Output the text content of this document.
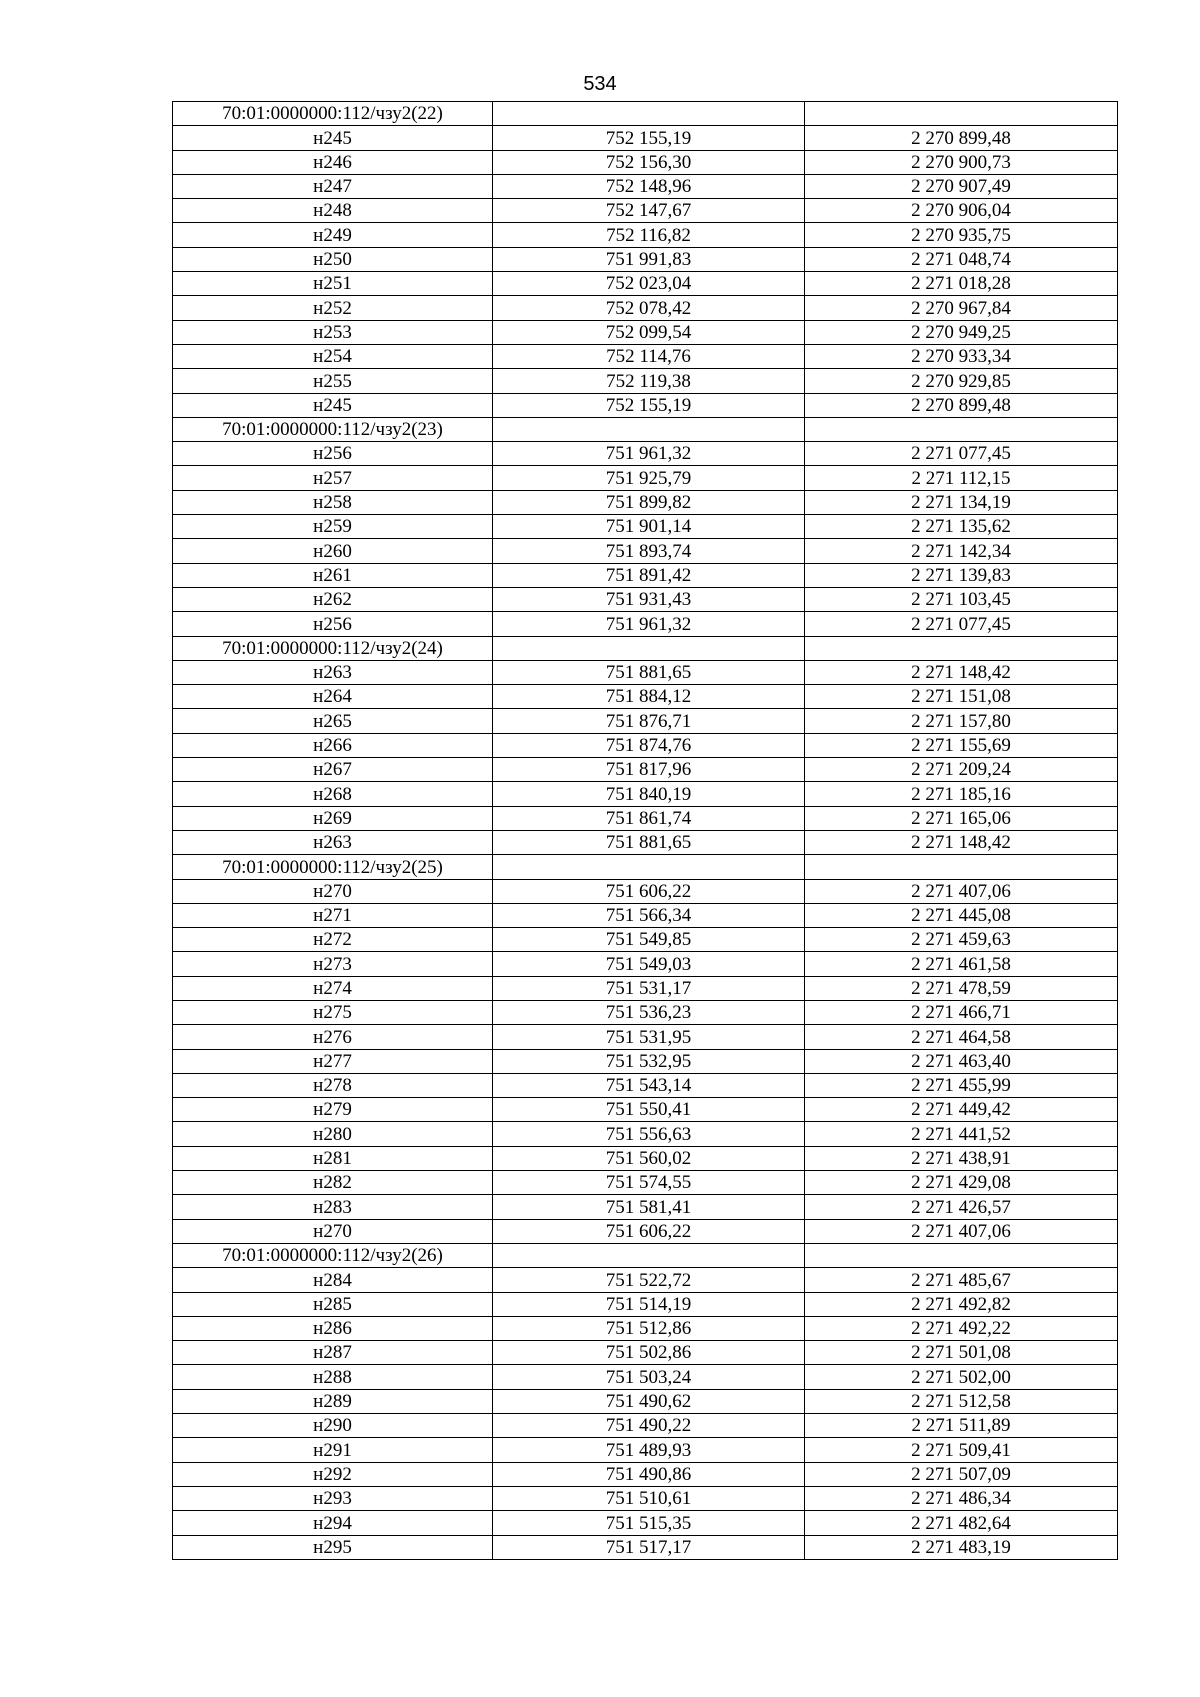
534
70:01:0000000:112/чзу2(22)		
н245	752 155,19	2 270 899,48
н246	752 156,30	2 270 900,73
н247	752 148,96	2 270 907,49
н248	752 147,67	2 270 906,04
н249	752 116,82	2 270 935,75
н250	751 991,83	2 271 048,74
н251	752 023,04	2 271 018,28
н252	752 078,42	2 270 967,84
н253	752 099,54	2 270 949,25
н254	752 114,76	2 270 933,34
н255	752 119,38	2 270 929,85
н245	752 155,19	2 270 899,48
70:01:0000000:112/чзу2(23)		
н256	751 961,32	2 271 077,45
н257	751 925,79	2 271 112,15
н258	751 899,82	2 271 134,19
н259	751 901,14	2 271 135,62
н260	751 893,74	2 271 142,34
н261	751 891,42	2 271 139,83
н262	751 931,43	2 271 103,45
н256	751 961,32	2 271 077,45
70:01:0000000:112/чзу2(24)		
н263	751 881,65	2 271 148,42
н264	751 884,12	2 271 151,08
н265	751 876,71	2 271 157,80
н266	751 874,76	2 271 155,69
н267	751 817,96	2 271 209,24
н268	751 840,19	2 271 185,16
н269	751 861,74	2 271 165,06
н263	751 881,65	2 271 148,42
70:01:0000000:112/чзу2(25)		
н270	751 606,22	2 271 407,06
н271	751 566,34	2 271 445,08
н272	751 549,85	2 271 459,63
н273	751 549,03	2 271 461,58
н274	751 531,17	2 271 478,59
н275	751 536,23	2 271 466,71
н276	751 531,95	2 271 464,58
н277	751 532,95	2 271 463,40
н278	751 543,14	2 271 455,99
н279	751 550,41	2 271 449,42
н280	751 556,63	2 271 441,52
н281	751 560,02	2 271 438,91
н282	751 574,55	2 271 429,08
н283	751 581,41	2 271 426,57
н270	751 606,22	2 271 407,06
70:01:0000000:112/чзу2(26)		
н284	751 522,72	2 271 485,67
н285	751 514,19	2 271 492,82
н286	751 512,86	2 271 492,22
н287	751 502,86	2 271 501,08
н288	751 503,24	2 271 502,00
н289	751 490,62	2 271 512,58
н290	751 490,22	2 271 511,89
н291	751 489,93	2 271 509,41
н292	751 490,86	2 271 507,09
н293	751 510,61	2 271 486,34
н294	751 515,35	2 271 482,64
н295	751 517,17	2 271 483,19
